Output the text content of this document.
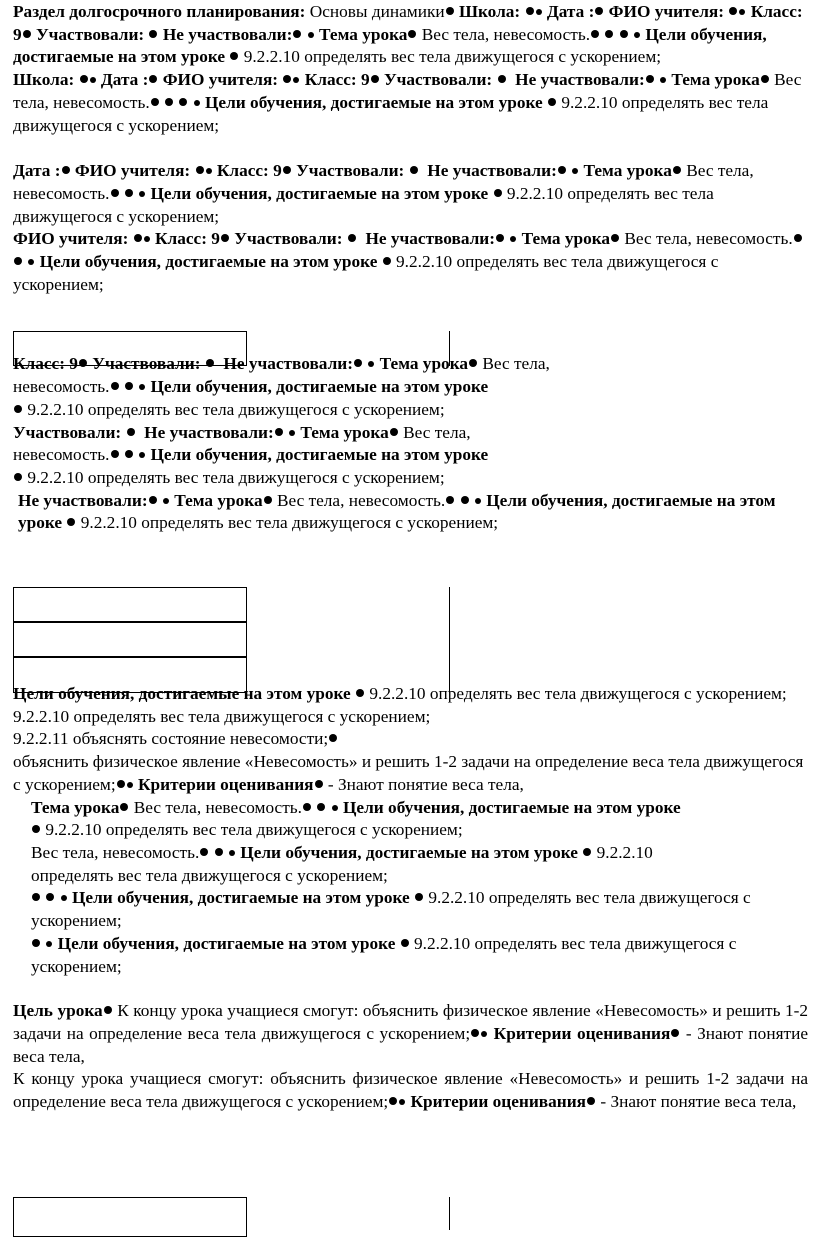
Раздел долгосрочного планирования: Основы динамики Школа: Дата : ФИО учителя: Класс: 9 Участвовали: Не участвовали: Тема урока Вес тела, невесомость.	Цели обучения, достигаемые на этом уроке 9.2.2.10 определять вес тела движущегося с ускорением;

Школа: Дата : ФИО учителя: Класс: 9 Участвовали: Не участвовали: Тема урока Вес тела, невесомость.	Цели обучения, достигаемые на этом уроке 9.2.2.10 определять вес тела движущегося с ускорением;

Дата : ФИО учителя: Класс: 9 Участвовали: Не участвовали: Тема урока Вес тела, невесомость. Цели обучения, достигаемые на этом уроке 9.2.2.10 определять вес тела движущегося с ускорением;

ФИО учителя: Класс: 9 Участвовали: Не участвовали: Тема урока Вес тела, невесомость.   Цели обучения, достигаемые на этом уроке 9.2.2.10 определять вес тела движущегося с ускорением;

Класс: 9 Участвовали: Не участвовали: Тема урока Вес тела,
невесомость. Цели обучения, достигаемые на этом уроке
9.2.2.10 определять вес тела движущегося с ускорением;

Участвовали: Не участвовали: Тема урока Вес тела,
невесомость. Цели обучения, достигаемые на этом уроке
9.2.2.10 определять вес тела движущегося с ускорением;

Не участвовали: Тема урока Вес тела, невесомость. Цели обучения, достигаемые на этом уроке 9.2.2.10 определять вес тела движущегося с ускорением;

Цели обучения, достигаемые на этом уроке 9.2.2.10 определять вес тела движущегося с ускорением;

9.2.2.10 определять вес тела движущегося с ускорением;

9.2.2.11 объяснять состояние невесомости;

объяснить физическое явление «Невесомость» и решить 1-2 задачи на определение веса тела движущегося с ускорением; Критерии оценивания - Знают понятие веса тела,

Тема урока Вес тела, невесомость. Цели обучения, достигаемые на этом уроке
9.2.2.10 определять вес тела движущегося с ускорением;

Вес тела, невесомость. Цели обучения, достигаемые на этом уроке 9.2.2.10
определять вес тела движущегося с ускорением;

Цели обучения, достигаемые на этом уроке 9.2.2.10 определять вес тела движущегося с
ускорением;

Цели обучения, достигаемые на этом уроке 9.2.2.10 определять вес тела движущегося с
ускорением;

Цель урока К концу урока учащиеся смогут: объяснить физическое явление «Невесомость» и решить 1-2 задачи на определение веса тела движущегося с ускорением; Критерии оценивания - Знают понятие веса тела,

К концу урока учащиеся смогут: объяснить физическое явление «Невесомость» и решить 1-2 задачи на определение веса тела движущегося с ускорением; Критерии оценивания - Знают понятие веса тела,
